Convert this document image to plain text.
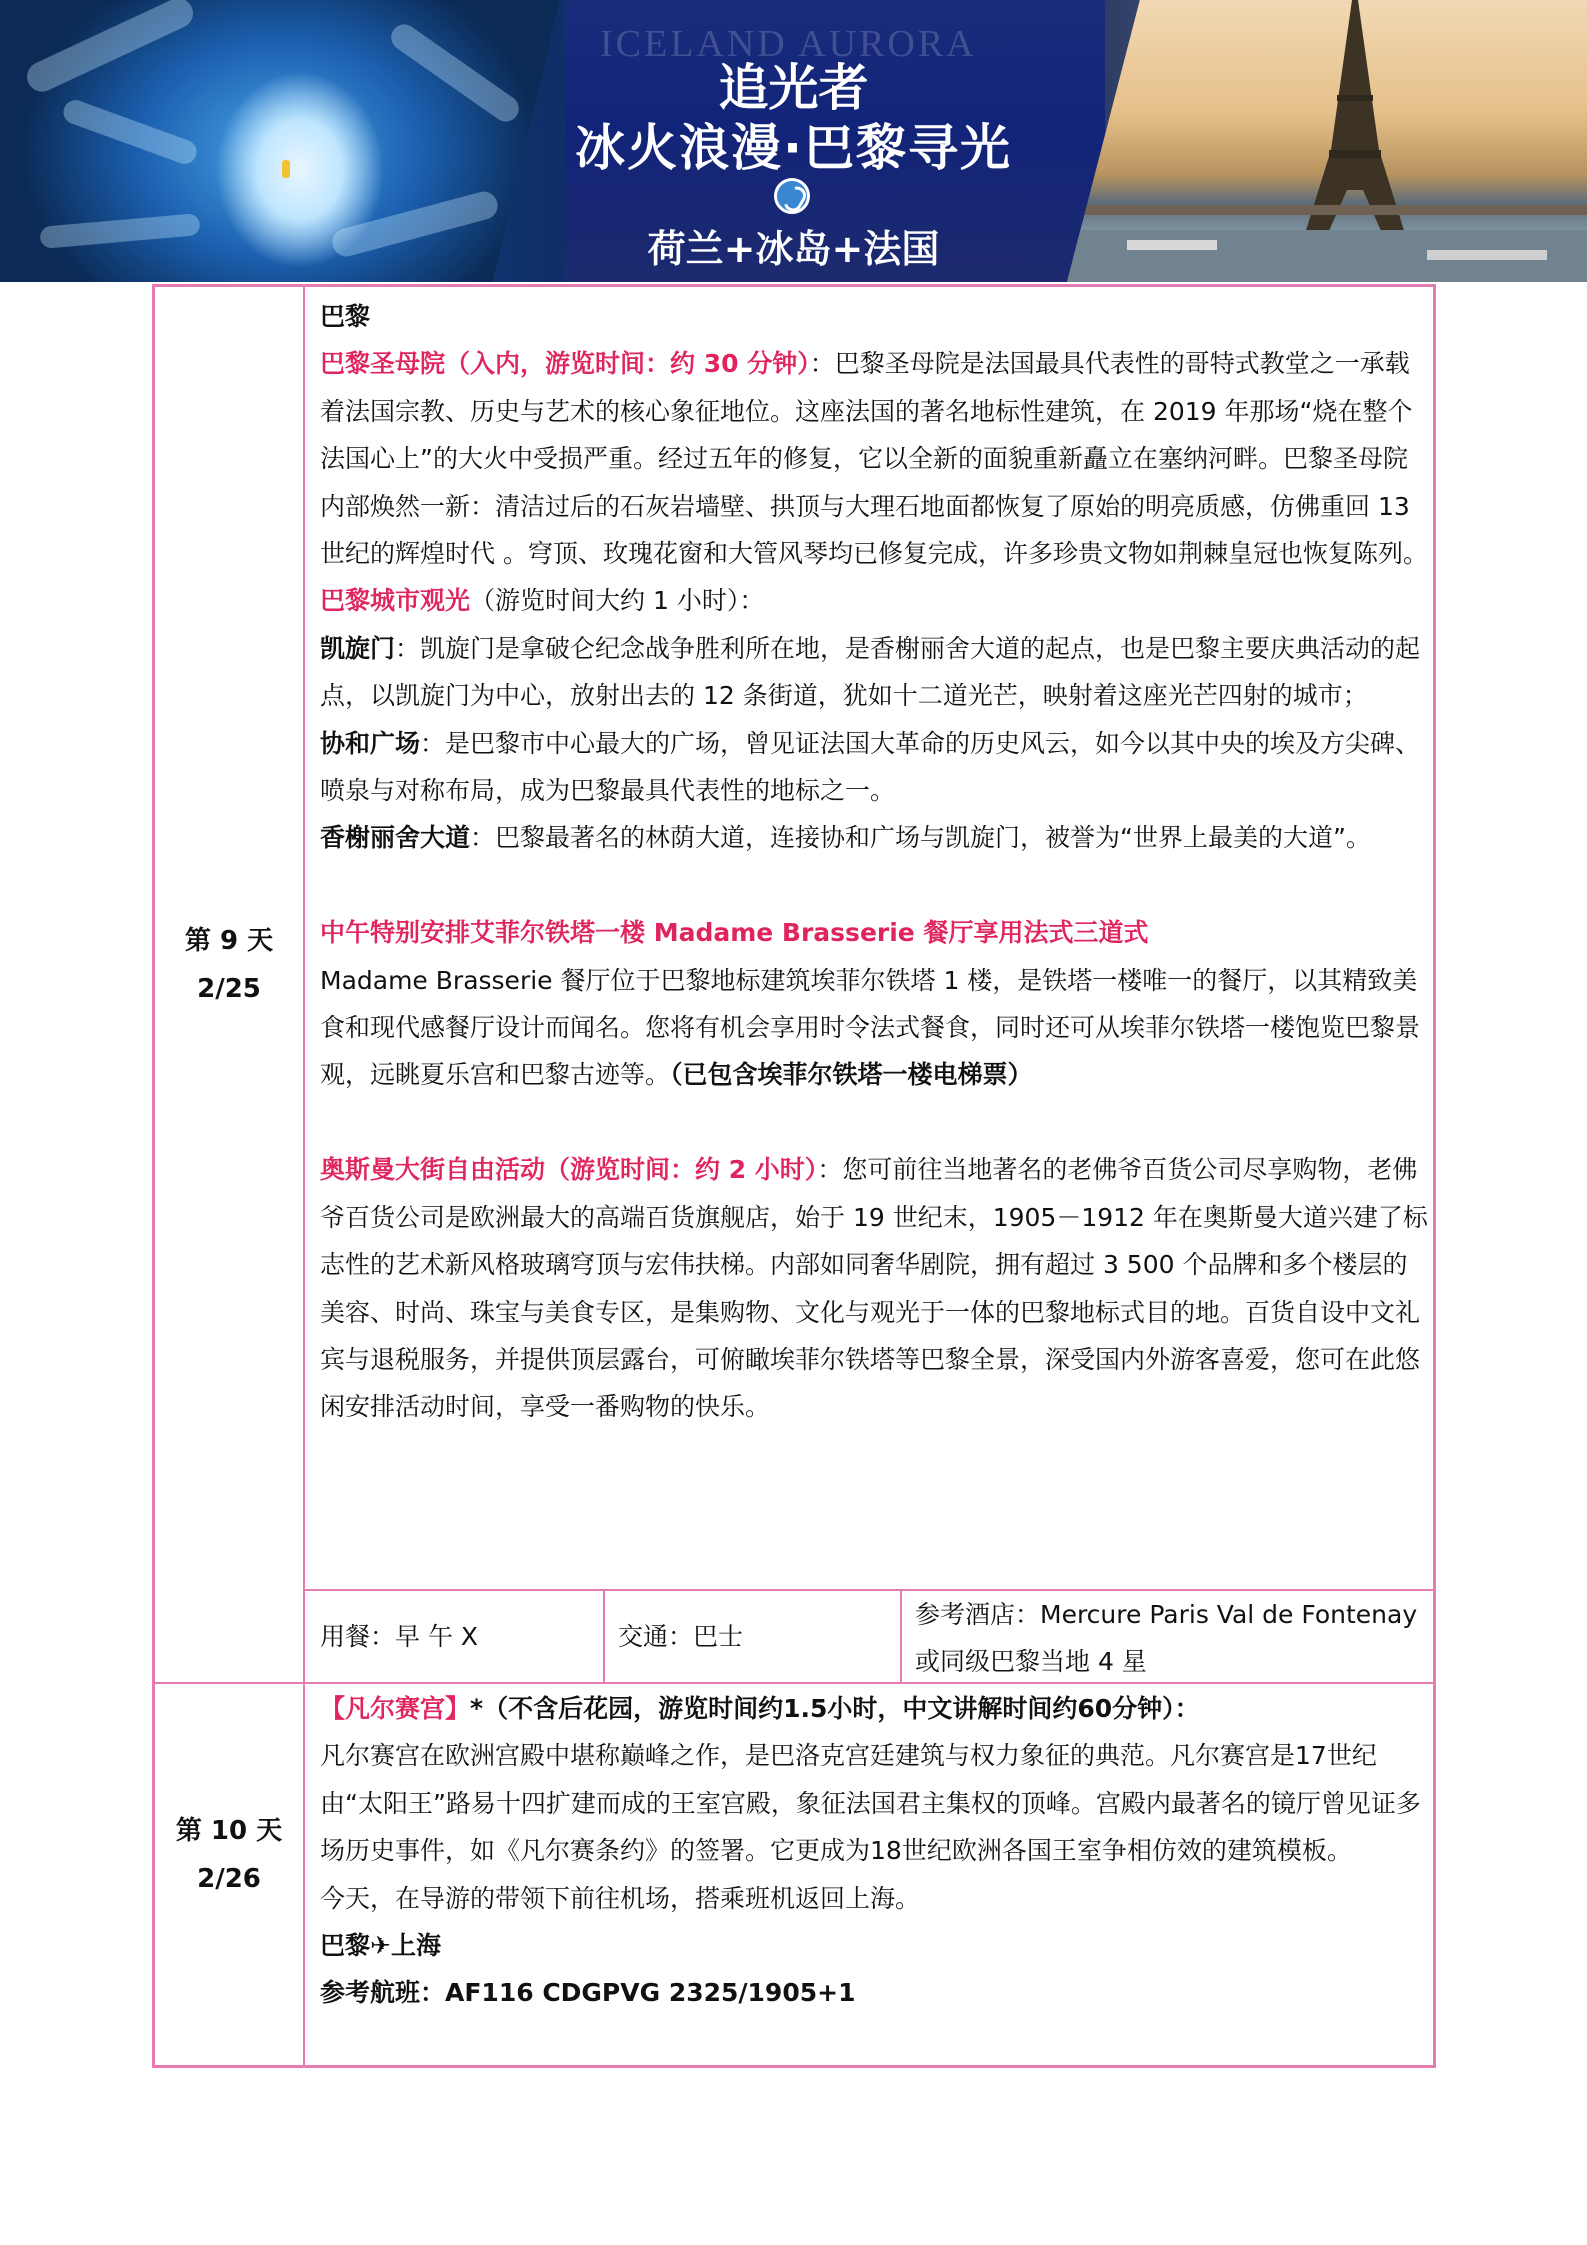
ICELAND AURORA
追光者
冰火浪漫·巴黎寻光
荷兰+冰岛+法国
第 9 天
2/25

巴黎

巴黎圣母院（入内，游览时间：约 30 分钟）：巴黎圣母院是法国最具代表性的哥特式教堂之一承载着法国宗教、历史与艺术的核心象征地位。这座法国的著名地标性建筑，在 2019 年那场“烧在整个法国心上”的大火中受损严重。经过五年的修复，它以全新的面貌重新矗立在塞纳河畔。巴黎圣母院内部焕然一新：清洁过后的石灰岩墙壁、拱顶与大理石地面都恢复了原始的明亮质感，仿佛重回 13 世纪的辉煌时代 。穹顶、玫瑰花窗和大管风琴均已修复完成，许多珍贵文物如荆棘皇冠也恢复陈列。

巴黎城市观光（游览时间大约 1 小时）：

凯旋门：凯旋门是拿破仑纪念战争胜利所在地，是香榭丽舍大道的起点，也是巴黎主要庆典活动的起点，以凯旋门为中心，放射出去的 12 条街道，犹如十二道光芒，映射着这座光芒四射的城市；

协和广场：是巴黎市中心最大的广场，曾见证法国大革命的历史风云，如今以其中央的埃及方尖碑、喷泉与对称布局，成为巴黎最具代表性的地标之一。

香榭丽舍大道：巴黎最著名的林荫大道，连接协和广场与凯旋门，被誉为“世界上最美的大道”。

中午特别安排艾菲尔铁塔一楼 Madame Brasserie 餐厅享用法式三道式

Madame Brasserie 餐厅位于巴黎地标建筑埃菲尔铁塔 1 楼，是铁塔一楼唯一的餐厅，以其精致美食和现代感餐厅设计而闻名。您将有机会享用时令法式餐食，同时还可从埃菲尔铁塔一楼饱览巴黎景观，远眺夏乐宫和巴黎古迹等。（已包含埃菲尔铁塔一楼电梯票）

奥斯曼大街自由活动（游览时间：约 2 小时）：您可前往当地著名的老佛爷百货公司尽享购物，老佛爷百货公司是欧洲最大的高端百货旗舰店，始于 19 世纪末，1905－1912 年在奥斯曼大道兴建了标志性的艺术新风格玻璃穹顶与宏伟扶梯。内部如同奢华剧院，拥有超过 3 500 个品牌和多个楼层的美容、时尚、珠宝与美食专区，是集购物、文化与观光于一体的巴黎地标式目的地。百货自设中文礼宾与退税服务，并提供顶层露台，可俯瞰埃菲尔铁塔等巴黎全景，深受国内外游客喜爱，您可在此悠闲安排活动时间，享受一番购物的快乐。

用餐：早 午 X	交通：巴士
参考酒店：Mercure Paris Val de Fontenay
或同级巴黎当地 4 星
第 10 天
2/26

【凡尔赛宫】*（不含后花园，游览时间约1.5小时，中文讲解时间约60分钟）：

凡尔赛宫在欧洲宫殿中堪称巅峰之作，是巴洛克宫廷建筑与权力象征的典范。凡尔赛宫是17世纪由“太阳王”路易十四扩建而成的王室宫殿，象征法国君主集权的顶峰。宫殿内最著名的镜厅曾见证多场历史事件，如《凡尔赛条约》的签署。它更成为18世纪欧洲各国王室争相仿效的建筑模板。

今天，在导游的带领下前往机场，搭乘班机返回上海。

巴黎✈上海

参考航班：AF116 CDGPVG 2325/1905+1
